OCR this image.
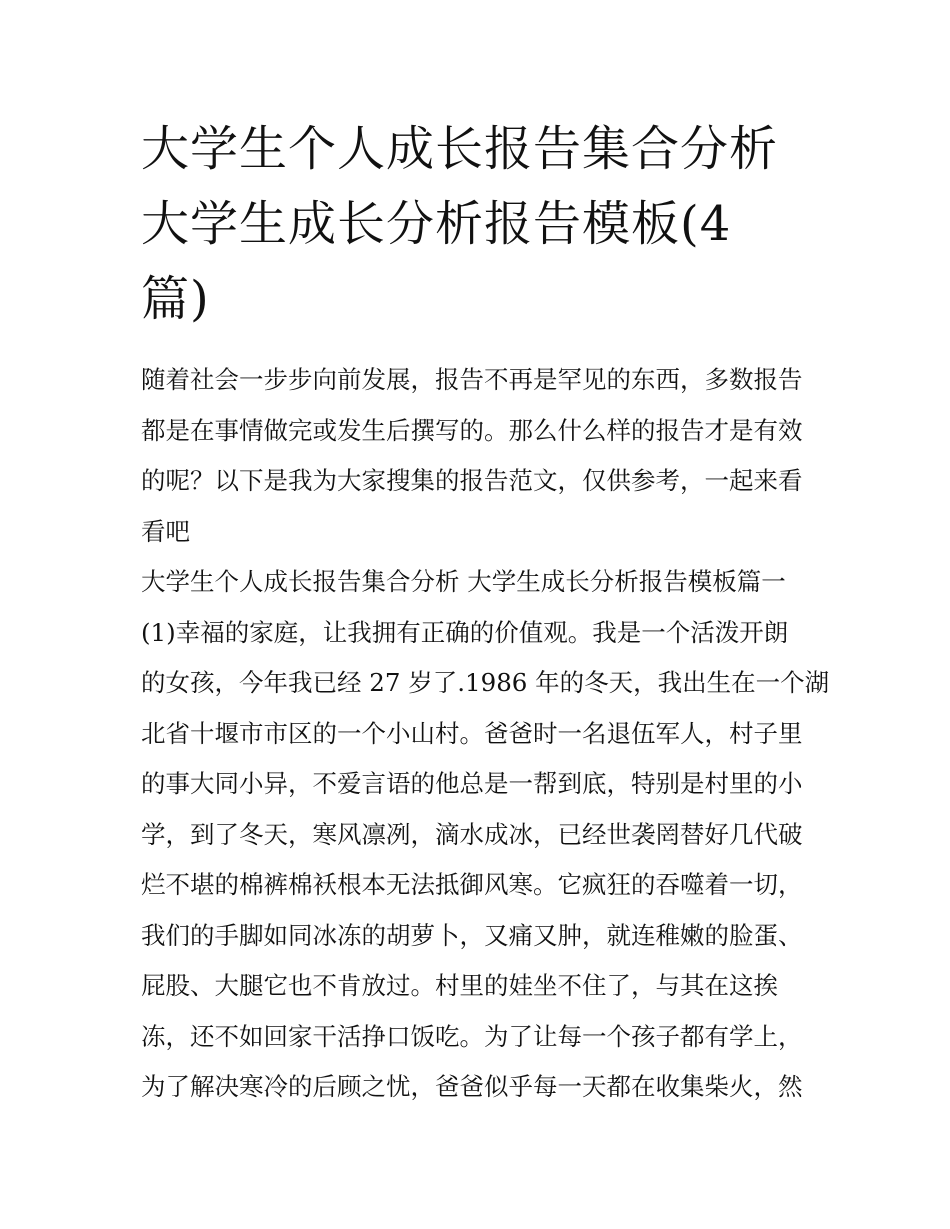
大学生个人成长报告集合分析
大学生成长分析报告模板(4
篇)
随着社会一步步向前发展，报告不再是罕见的东西，多数报告
都是在事情做完或发生后撰写的。那么什么样的报告才是有效
的呢？以下是我为大家搜集的报告范文，仅供参考，一起来看
看吧
大学生个人成长报告集合分析 大学生成长分析报告模板篇一
(1)幸福的家庭，让我拥有正确的价值观。我是一个活泼开朗
的女孩，今年我已经 27 岁了.1986 年的冬天，我出生在一个湖
北省十堰市市区的一个小山村。爸爸时一名退伍军人，村子里
的事大同小异，不爱言语的他总是一帮到底，特别是村里的小
学，到了冬天，寒风凛冽，滴水成冰，已经世袭罔替好几代破
烂不堪的棉裤棉袄根本无法抵御风寒。它疯狂的吞噬着一切，
我们的手脚如同冰冻的胡萝卜，又痛又肿，就连稚嫩的脸蛋、
屁股、大腿它也不肯放过。村里的娃坐不住了，与其在这挨
冻，还不如回家干活挣口饭吃。为了让每一个孩子都有学上，
为了解决寒冷的后顾之忧，爸爸似乎每一天都在收集柴火，然
